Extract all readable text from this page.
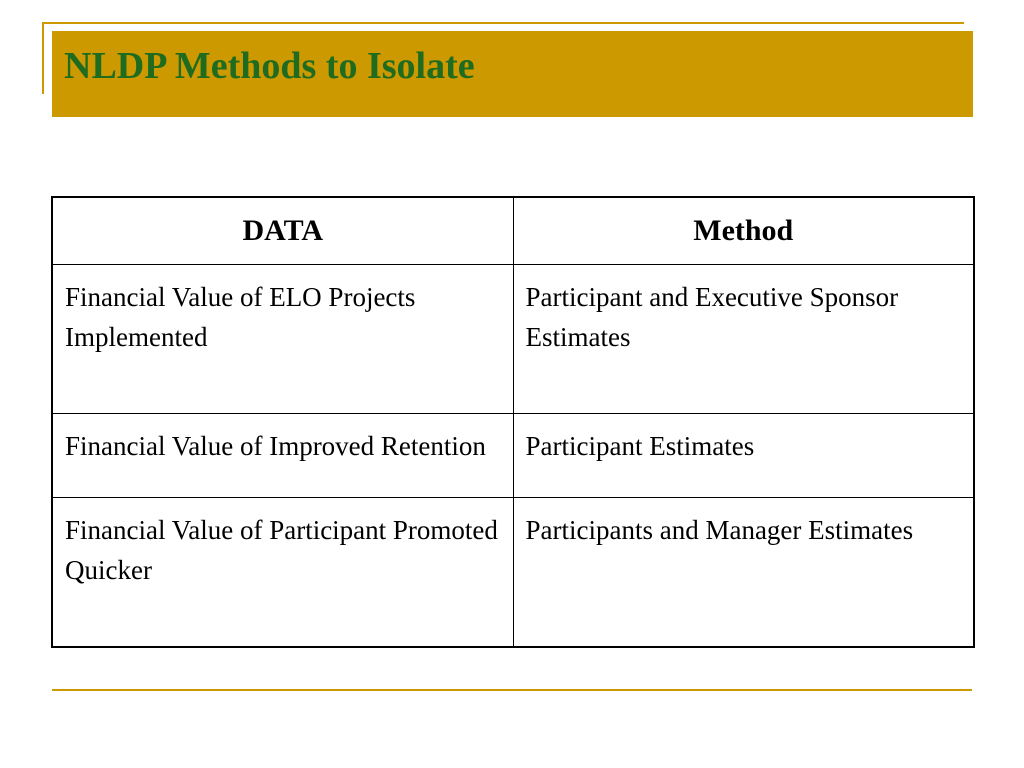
NLDP Methods to Isolate
DATA	Method
Financial Value of ELO Projects Implemented	Participant and Executive Sponsor Estimates
Financial Value of Improved Retention	Participant Estimates
Financial Value of Participant Promoted Quicker	Participants and Manager Estimates
